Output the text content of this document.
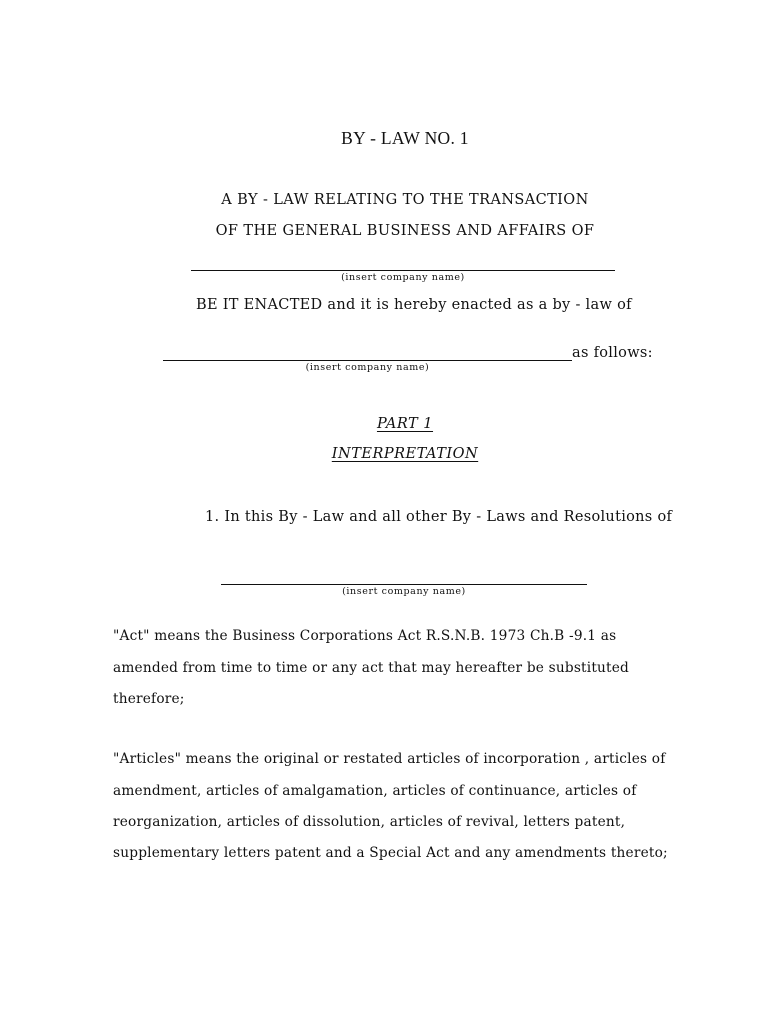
BY - LAW NO. 1
A BY - LAW RELATING TO THE TRANSACTION
OF THE GENERAL BUSINESS AND AFFAIRS OF
(insert company name)
BE IT ENACTED and it is hereby enacted as a by - law of
as follows:
(insert company name)
PART 1
INTERPRETATION
1. In this By - Law and all other By - Laws and Resolutions of
(insert company name)
"Act" means the Business Corporations Act R.S.N.B. 1973 Ch.B -9.1 as
amended from time to time or any act that may hereafter be substituted
therefore;
"Articles" means the original or restated articles of incorporation , articles of
amendment, articles of amalgamation, articles of continuance, articles of
reorganization, articles of dissolution, articles of revival, letters patent,
supplementary letters patent and a Special Act and any amendments thereto;
